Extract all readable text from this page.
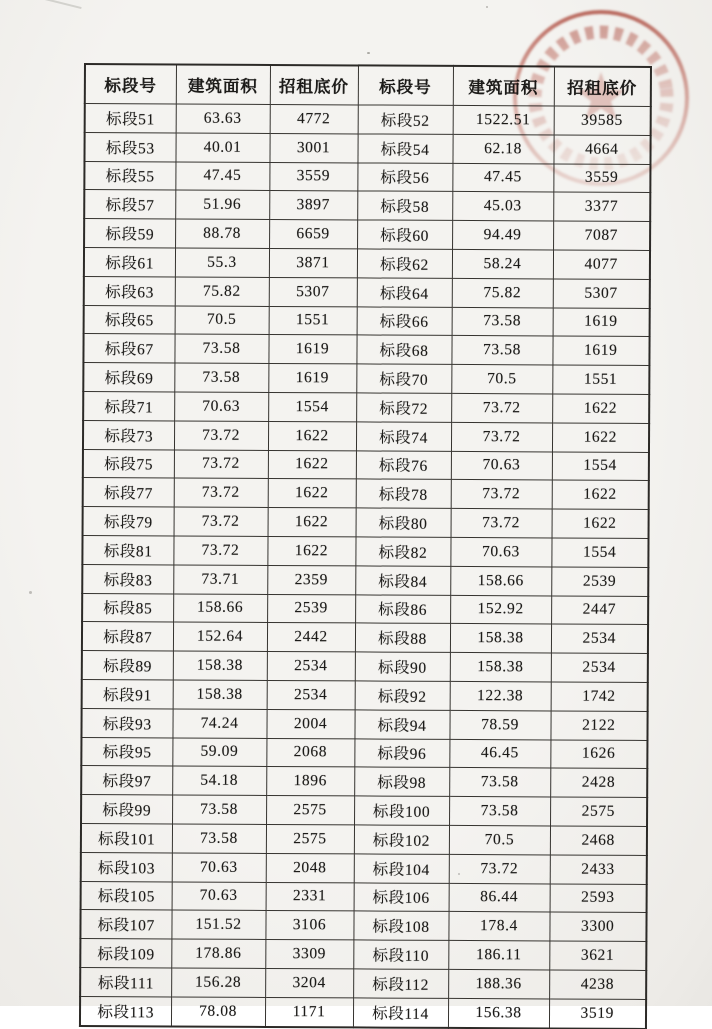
标段号	建筑面积	招租底价	标段号	建筑面积	招租底价
标段51	63.63	4772	标段52	1522.51	39585
标段53	40.01	3001	标段54	62.18	4664
标段55	47.45	3559	标段56	47.45	3559
标段57	51.96	3897	标段58	45.03	3377
标段59	88.78	6659	标段60	94.49	7087
标段61	55.3	3871	标段62	58.24	4077
标段63	75.82	5307	标段64	75.82	5307
标段65	70.5	1551	标段66	73.58	1619
标段67	73.58	1619	标段68	73.58	1619
标段69	73.58	1619	标段70	70.5	1551
标段71	70.63	1554	标段72	73.72	1622
标段73	73.72	1622	标段74	73.72	1622
标段75	73.72	1622	标段76	70.63	1554
标段77	73.72	1622	标段78	73.72	1622
标段79	73.72	1622	标段80	73.72	1622
标段81	73.72	1622	标段82	70.63	1554
标段83	73.71	2359	标段84	158.66	2539
标段85	158.66	2539	标段86	152.92	2447
标段87	152.64	2442	标段88	158.38	2534
标段89	158.38	2534	标段90	158.38	2534
标段91	158.38	2534	标段92	122.38	1742
标段93	74.24	2004	标段94	78.59	2122
标段95	59.09	2068	标段96	46.45	1626
标段97	54.18	1896	标段98	73.58	2428
标段99	73.58	2575	标段100	73.58	2575
标段101	73.58	2575	标段102	70.5	2468
标段103	70.63	2048	标段104	73.72	2433
标段105	70.63	2331	标段106	86.44	2593
标段107	151.52	3106	标段108	178.4	3300
标段109	178.86	3309	标段110	186.11	3621
标段111	156.28	3204	标段112	188.36	4238
标段113	78.08	1171	标段114	156.38	3519
